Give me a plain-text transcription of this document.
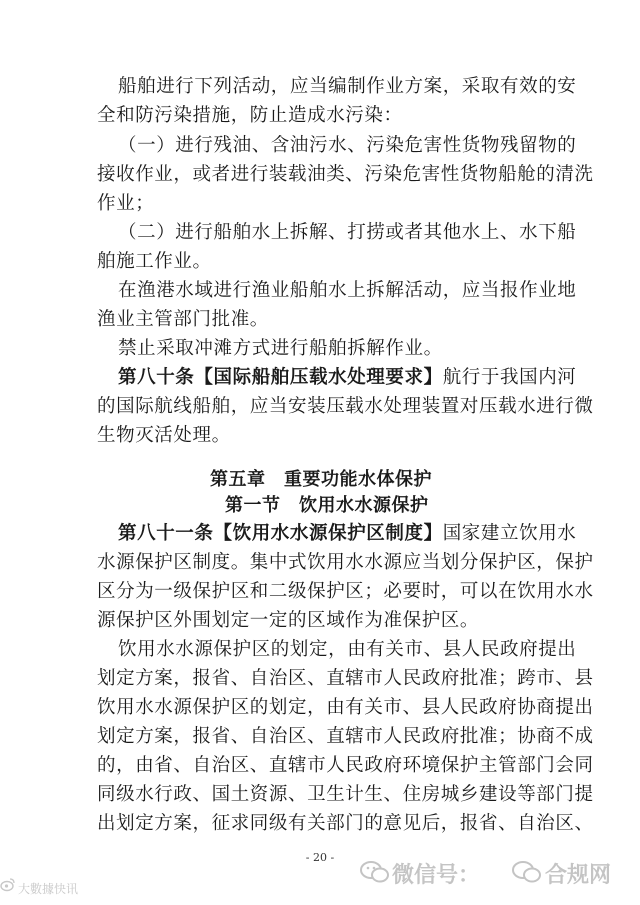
船舶进行下列活动，应当编制作业方案，采取有效的安
全和防污染措施，防止造成水污染：
（一）进行残油、含油污水、污染危害性货物残留物的
接收作业，或者进行装载油类、污染危害性货物船舱的清洗
作业；
（二）进行船舶水上拆解、打捞或者其他水上、水下船
舶施工作业。
在渔港水域进行渔业船舶水上拆解活动，应当报作业地
渔业主管部门批准。
禁止采取冲滩方式进行船舶拆解作业。
第八十条【国际船舶压载水处理要求】航行于我国内河
的国际航线船舶，应当安装压载水处理装置对压载水进行微
生物灭活处理。
第五章　重要功能水体保护
第一节　饮用水水源保护
第八十一条【饮用水水源保护区制度】国家建立饮用水
水源保护区制度。集中式饮用水水源应当划分保护区，保护
区分为一级保护区和二级保护区；必要时，可以在饮用水水
源保护区外围划定一定的区域作为准保护区。
饮用水水源保护区的划定，由有关市、县人民政府提出
划定方案，报省、自治区、直辖市人民政府批准；跨市、县
饮用水水源保护区的划定，由有关市、县人民政府协商提出
划定方案，报省、自治区、直辖市人民政府批准；协商不成
的，由省、自治区、直辖市人民政府环境保护主管部门会同
同级水行政、国土资源、卫生计生、住房城乡建设等部门提
出划定方案，征求同级有关部门的意见后，报省、自治区、
- 20 -
大數據快讯
微信号：	合规网
